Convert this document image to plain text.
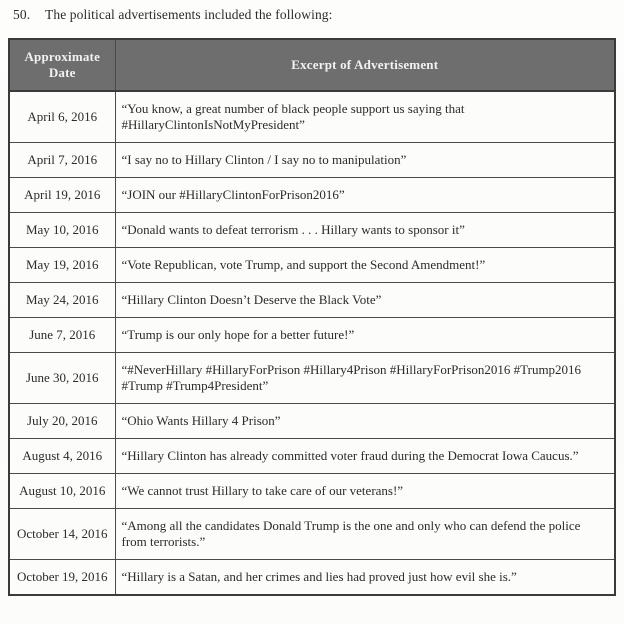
50. The political advertisements included the following:

Approximate Date	Excerpt of Advertisement
April 6, 2016	“You know, a great number of black people support us saying that #HillaryClintonIsNotMyPresident”
April 7, 2016	“I say no to Hillary Clinton / I say no to manipulation”
April 19, 2016	“JOIN our #HillaryClintonForPrison2016”
May 10, 2016	“Donald wants to defeat terrorism . . . Hillary wants to sponsor it”
May 19, 2016	“Vote Republican, vote Trump, and support the Second Amendment!”
May 24, 2016	“Hillary Clinton Doesn’t Deserve the Black Vote”
June 7, 2016	“Trump is our only hope for a better future!”
June 30, 2016	“#NeverHillary #HillaryForPrison #Hillary4Prison #HillaryForPrison2016 #Trump2016 #Trump #Trump4President”
July 20, 2016	“Ohio Wants Hillary 4 Prison”
August 4, 2016	“Hillary Clinton has already committed voter fraud during the Democrat Iowa Caucus.”
August 10, 2016	“We cannot trust Hillary to take care of our veterans!”
October 14, 2016	“Among all the candidates Donald Trump is the one and only who can defend the police from terrorists.”
October 19, 2016	“Hillary is a Satan, and her crimes and lies had proved just how evil she is.”
